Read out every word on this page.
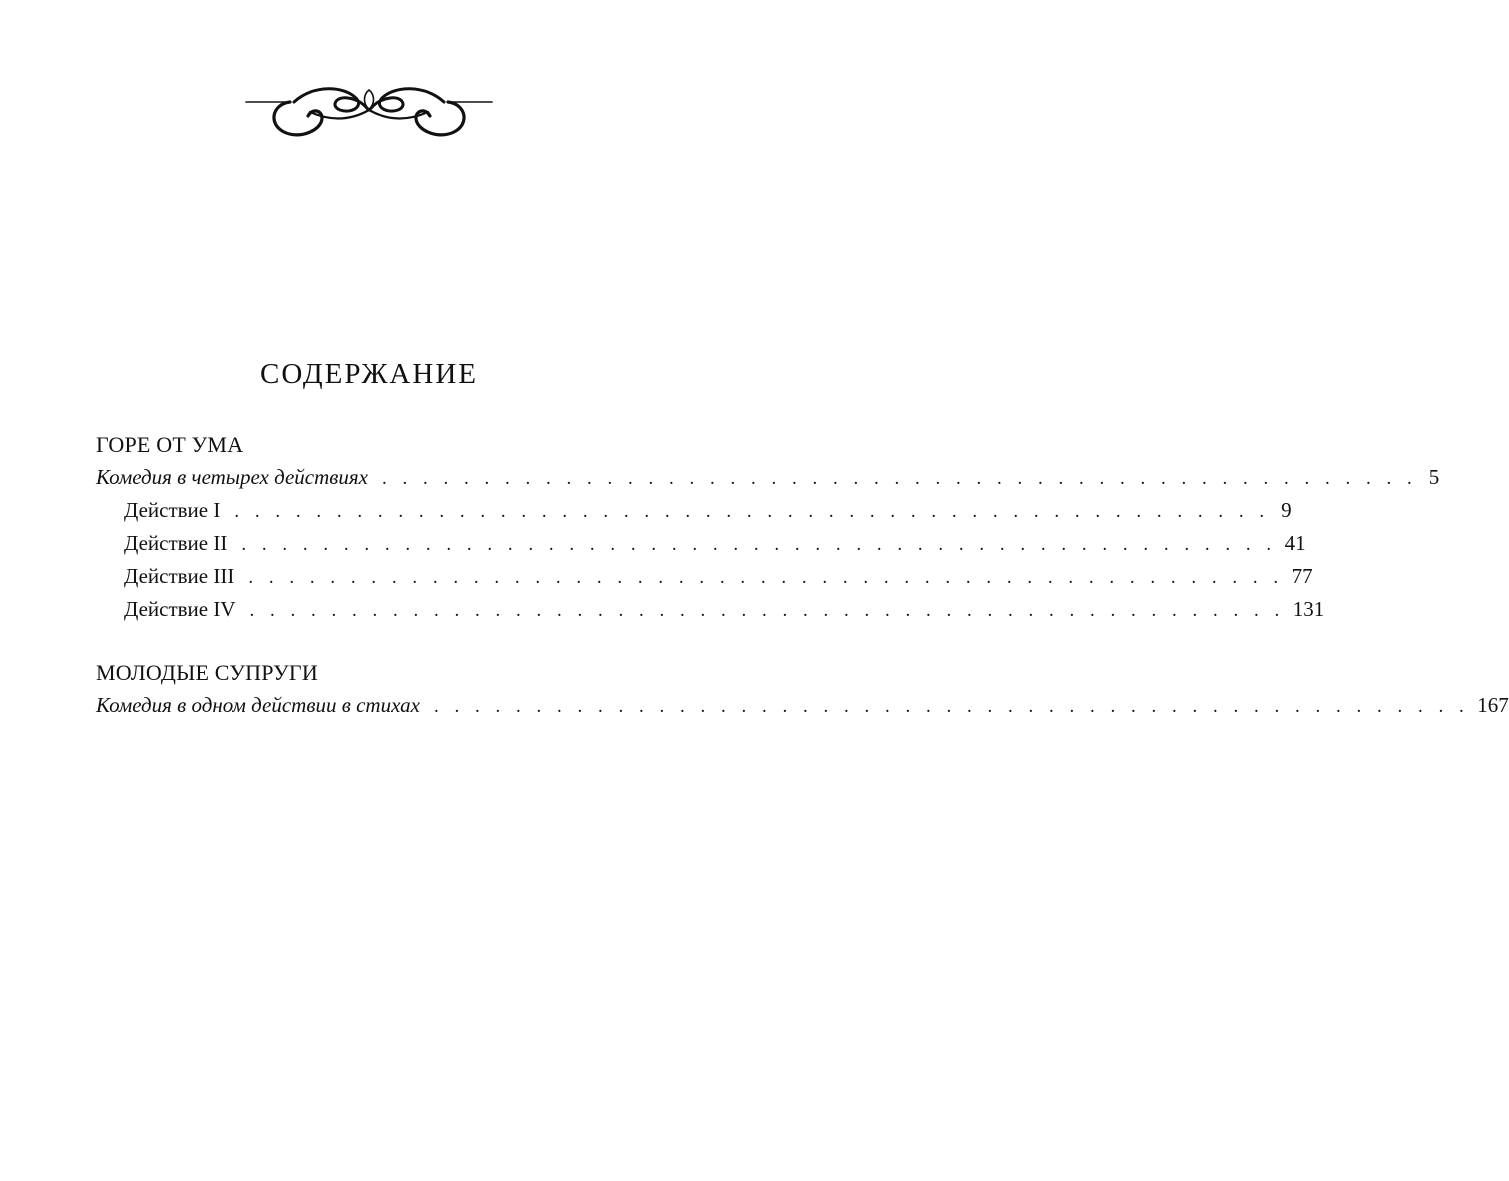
СОДЕРЖАНИЕ
ГОРЕ ОТ УМА
Комедия в четырех действиях . . . . . . . . . . . . . . . . . . . . . . . . . . . . . . . . . . . . . . . . . . . . . . . . . . . 5
Действие I . . . . . . . . . . . . . . . . . . . . . . . . . . . . . . . . . . . . . . . . . . . . . . . . . . . 9
Действие II . . . . . . . . . . . . . . . . . . . . . . . . . . . . . . . . . . . . . . . . . . . . . . . . . . . 41
Действие III . . . . . . . . . . . . . . . . . . . . . . . . . . . . . . . . . . . . . . . . . . . . . . . . . . . 77
Действие IV . . . . . . . . . . . . . . . . . . . . . . . . . . . . . . . . . . . . . . . . . . . . . . . . . . . 131
МОЛОДЫЕ СУПРУГИ
Комедия в одном действии в стихах . . . . . . . . . . . . . . . . . . . . . . . . . . . . . . . . . . . . . . . . . . . . . . . . . . . 167
